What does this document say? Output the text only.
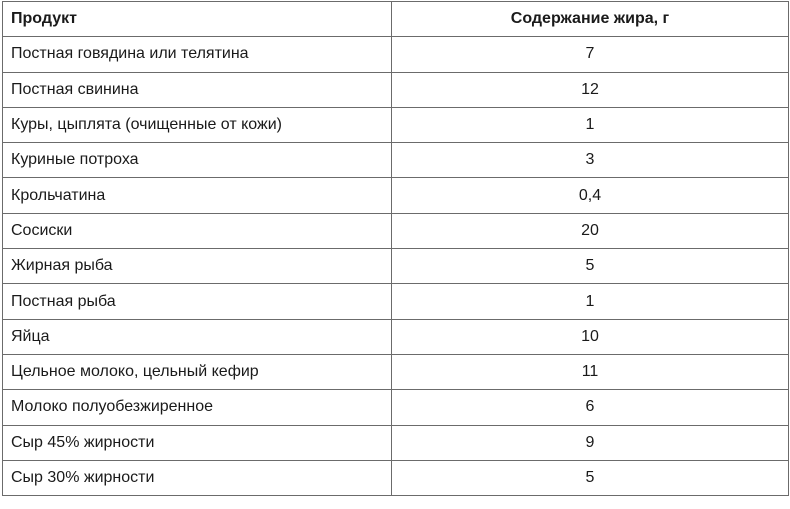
Продукт	Содержание жира, г
Постная говядина или телятина	7
Постная свинина	12
Куры, цыплята (очищенные от кожи)	1
Куриные потроха	3
Крольчатина	0,4
Сосиски	20
Жирная рыба	5
Постная рыба	1
Яйца	10
Цельное молоко, цельный кефир	11
Молоко полуобезжиренное	6
Сыр 45% жирности	9
Сыр 30% жирности	5
